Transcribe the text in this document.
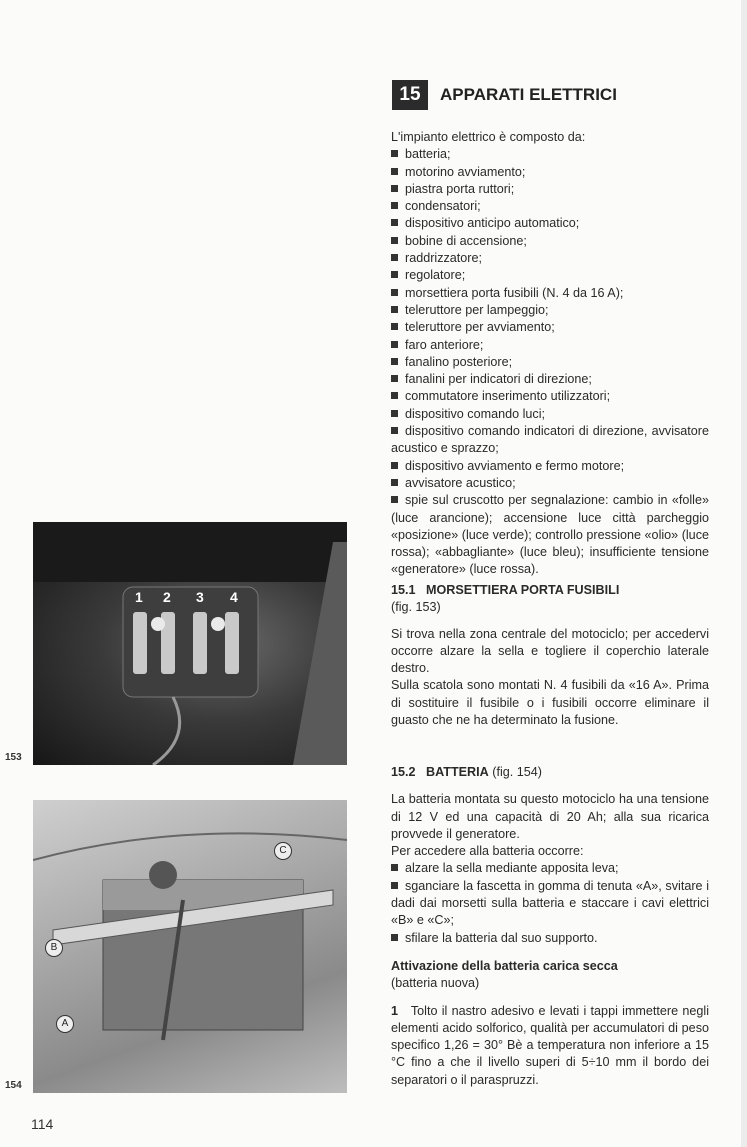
15	APPARATI ELETTRICI

L'impianto elettrico è composto da:

batteria;

motorino avviamento;

piastra porta ruttori;

condensatori;

dispositivo anticipo automatico;

bobine di accensione;

raddrizzatore;

regolatore;

morsettiera porta fusibili (N. 4 da 16 A);

teleruttore per lampeggio;

teleruttore per avviamento;

faro anteriore;

fanalino posteriore;

fanalini per indicatori di direzione;

commutatore inserimento utilizzatori;

dispositivo comando luci;

dispositivo comando indicatori di direzione, avvisatore acustico e sprazzo;

dispositivo avviamento e fermo motore;

avvisatore acustico;

spie sul cruscotto per segnalazione: cambio in «folle» (luce arancione); accensione luce città parcheggio «posizione» (luce verde); controllo pressione «olio» (luce rossa); «abbagliante» (luce bleu); insufficiente tensione «generatore» (luce rossa).

15.1   MORSETTIERA PORTA FUSIBILI

(fig. 153)

Si trova nella zona centrale del motociclo; per accedervi occorre alzare la sella e togliere il coperchio laterale destro.

Sulla scatola sono montati N. 4 fusibili da «16 A». Prima di sostituire il fusibile o i fusibili occorre eliminare il guasto che ne ha determinato la fusione.

15.2   BATTERIA (fig. 154)

La batteria montata su questo motociclo ha una tensione di 12 V ed una capacità di 20 Ah; alla sua ricarica provvede il generatore.

Per accedere alla batteria occorre:

alzare la sella mediante apposita leva;

sganciare la fascetta in gomma di tenuta «A», svitare i dadi dai morsetti sulla batteria e staccare i cavi elettrici «B» e «C»;

sfilare la batteria dal suo supporto.

Attivazione della batteria carica secca

(batteria nuova)

1 Tolto il nastro adesivo e levati i tappi immettere negli elementi acido solforico, qualità per accumulatori di peso specifico 1,26 = 30° Bè a temperatura non inferiore a 15 °C fino a che il livello superi di 5÷10 mm il bordo dei separatori o il paraspruzzi.

1 2 3 4
153
A
B
C
154
114
